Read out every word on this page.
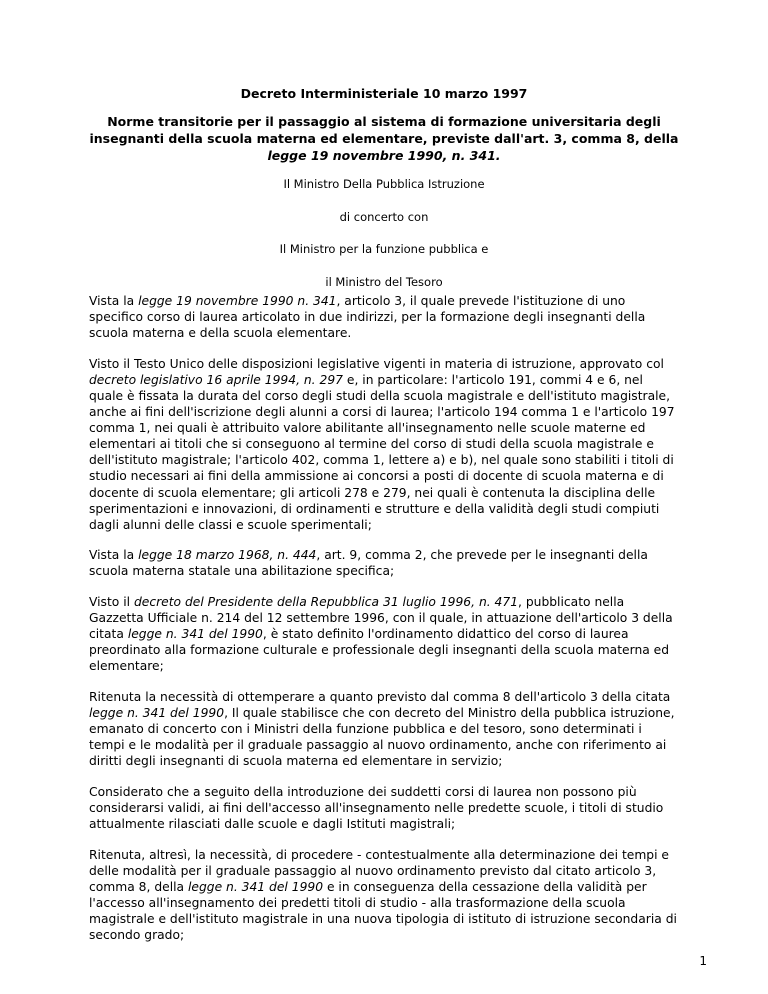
Decreto Interministeriale 10 marzo 1997
Norme transitorie per il passaggio al sistema di formazione universitaria degli insegnanti della scuola materna ed elementare, previste dall'art. 3, comma 8, della legge 19 novembre 1990, n. 341.
Il Ministro Della Pubblica Istruzione
di concerto con
Il Ministro per la funzione pubblica e
il Ministro del Tesoro

Vista la legge 19 novembre 1990 n. 341, articolo 3, il quale prevede l'istituzione di uno specifico corso di laurea articolato in due indirizzi, per la formazione degli insegnanti della scuola materna e della scuola elementare.

Visto il Testo Unico delle disposizioni legislative vigenti in materia di istruzione, approvato col decreto legislativo 16 aprile 1994, n. 297 e, in particolare: l'articolo 191, commi 4 e 6, nel quale è fissata la durata del corso degli studi della scuola magistrale e dell'istituto magistrale, anche ai fini dell'iscrizione degli alunni a corsi di laurea; l'articolo 194 comma 1 e l'articolo 197 comma 1, nei quali è attribuito valore abilitante all'insegnamento nelle scuole materne ed elementari ai titoli che si conseguono al termine del corso di studi della scuola magistrale e dell'istituto magistrale; l'articolo 402, comma 1, lettere a) e b), nel quale sono stabiliti i titoli di studio necessari ai fini della ammissione ai concorsi a posti di docente di scuola materna e di docente di scuola elementare; gli articoli 278 e 279, nei quali è contenuta la disciplina delle sperimentazioni e innovazioni, di ordinamenti e strutture e della validità degli studi compiuti dagli alunni delle classi e scuole sperimentali;

Vista la legge 18 marzo 1968, n. 444, art. 9, comma 2, che prevede per le insegnanti della scuola materna statale una abilitazione specifica;

Visto il decreto del Presidente della Repubblica 31 luglio 1996, n. 471, pubblicato nella Gazzetta Ufficiale n. 214 del 12 settembre 1996, con il quale, in attuazione dell'articolo 3 della citata legge n. 341 del 1990, è stato definito l'ordinamento didattico del corso di laurea preordinato alla formazione culturale e professionale degli insegnanti della scuola materna ed elementare;

Ritenuta la necessità di ottemperare a quanto previsto dal comma 8 dell'articolo 3 della citata legge n. 341 del 1990, Il quale stabilisce che con decreto del Ministro della pubblica istruzione, emanato di concerto con i Ministri della funzione pubblica e del tesoro, sono determinati i tempi e le modalità per il graduale passaggio al nuovo ordinamento, anche con riferimento ai diritti degli insegnanti di scuola materna ed elementare in servizio;

Considerato che a seguito della introduzione dei suddetti corsi di laurea non possono più considerarsi validi, ai fini dell'accesso all'insegnamento nelle predette scuole, i titoli di studio attualmente rilasciati dalle scuole e dagli Istituti magistrali;

Ritenuta, altresì, la necessità, di procedere - contestualmente alla determinazione dei tempi e delle modalità per il graduale passaggio al nuovo ordinamento previsto dal citato articolo 3, comma 8, della legge n. 341 del 1990 e in conseguenza della cessazione della validità per l'accesso all'insegnamento dei predetti titoli di studio - alla trasformazione della scuola magistrale e dell'istituto magistrale in una nuova tipologia di istituto di istruzione secondaria di secondo grado;

1
